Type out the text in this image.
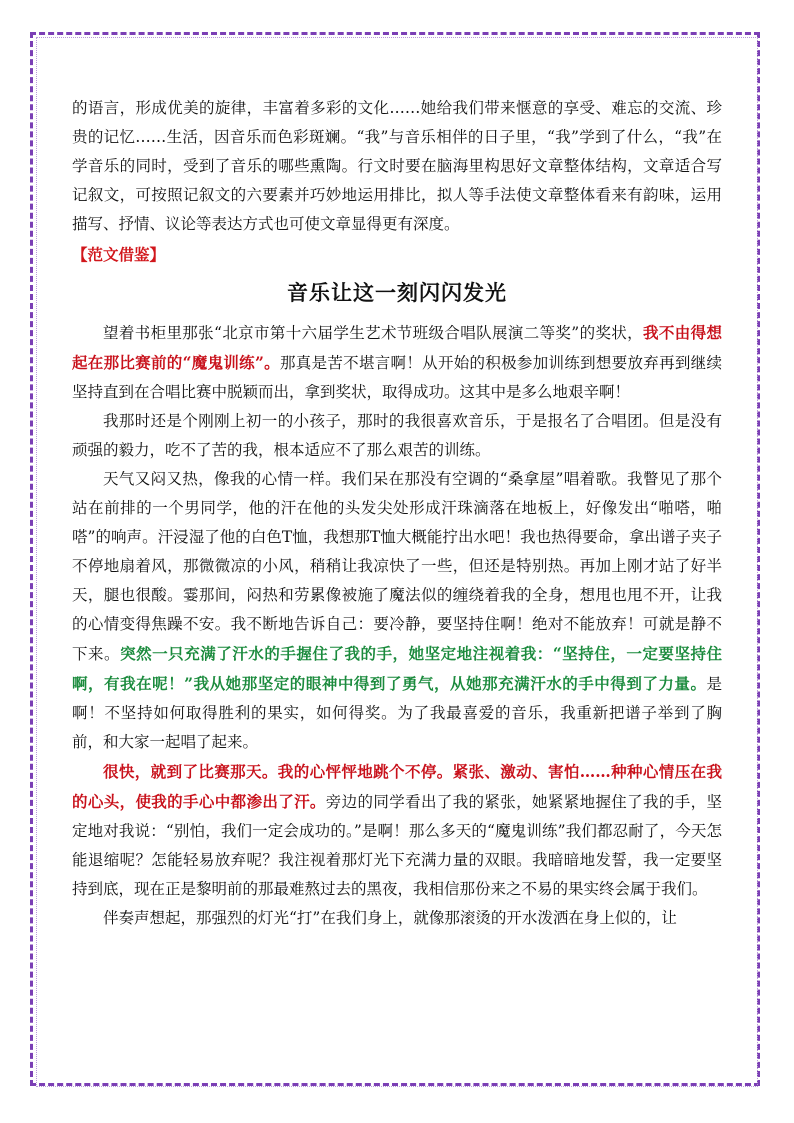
的语言，形成优美的旋律，丰富着多彩的文化……她给我们带来惬意的享受、难忘的交流、珍贵的记忆……生活，因音乐而色彩斑斓。“我”与音乐相伴的日子里，“我”学到了什么，“我”在学音乐的同时，受到了音乐的哪些熏陶。行文时要在脑海里构思好文章整体结构，文章适合写记叙文，可按照记叙文的六要素并巧妙地运用排比，拟人等手法使文章整体看来有韵味，运用描写、抒情、议论等表达方式也可使文章显得更有深度。

【范文借鉴】

音乐让这一刻闪闪发光

望着书柜里那张“北京市第十六届学生艺术节班级合唱队展演二等奖”的奖状，我不由得想起在那比赛前的“魔鬼训练”。那真是苦不堪言啊！从开始的积极参加训练到想要放弃再到继续坚持直到在合唱比赛中脱颖而出，拿到奖状，取得成功。这其中是多么地艰辛啊！

我那时还是个刚刚上初一的小孩子，那时的我很喜欢音乐，于是报名了合唱团。但是没有顽强的毅力，吃不了苦的我，根本适应不了那么艰苦的训练。

天气又闷又热，像我的心情一样。我们呆在那没有空调的“桑拿屋”唱着歌。我瞥见了那个站在前排的一个男同学，他的汗在他的头发尖处形成汗珠滴落在地板上，好像发出“啪嗒，啪嗒”的响声。汗浸湿了他的白色T恤，我想那T恤大概能拧出水吧！我也热得要命，拿出谱子夹子不停地扇着风，那微微凉的小风，稍稍让我凉快了一些，但还是特别热。再加上刚才站了好半天，腿也很酸。霎那间，闷热和劳累像被施了魔法似的缠绕着我的全身，想甩也甩不开，让我的心情变得焦躁不安。我不断地告诉自己：要冷静，要坚持住啊！绝对不能放弃！可就是静不下来。突然一只充满了汗水的手握住了我的手，她坚定地注视着我：“坚持住，一定要坚持住啊，有我在呢！”我从她那坚定的眼神中得到了勇气，从她那充满汗水的手中得到了力量。是啊！不坚持如何取得胜利的果实，如何得奖。为了我最喜爱的音乐，我重新把谱子举到了胸前，和大家一起唱了起来。

很快，就到了比赛那天。我的心怦怦地跳个不停。紧张、激动、害怕……种种心情压在我的心头，使我的手心中都渗出了汗。旁边的同学看出了我的紧张，她紧紧地握住了我的手，坚定地对我说：“别怕，我们一定会成功的。”是啊！那么多天的“魔鬼训练”我们都忍耐了，今天怎能退缩呢？怎能轻易放弃呢？我注视着那灯光下充满力量的双眼。我暗暗地发誓，我一定要坚持到底，现在正是黎明前的那最难熬过去的黑夜，我相信那份来之不易的果实终会属于我们。

伴奏声想起，那强烈的灯光“打”在我们身上，就像那滚烫的开水泼洒在身上似的，让
